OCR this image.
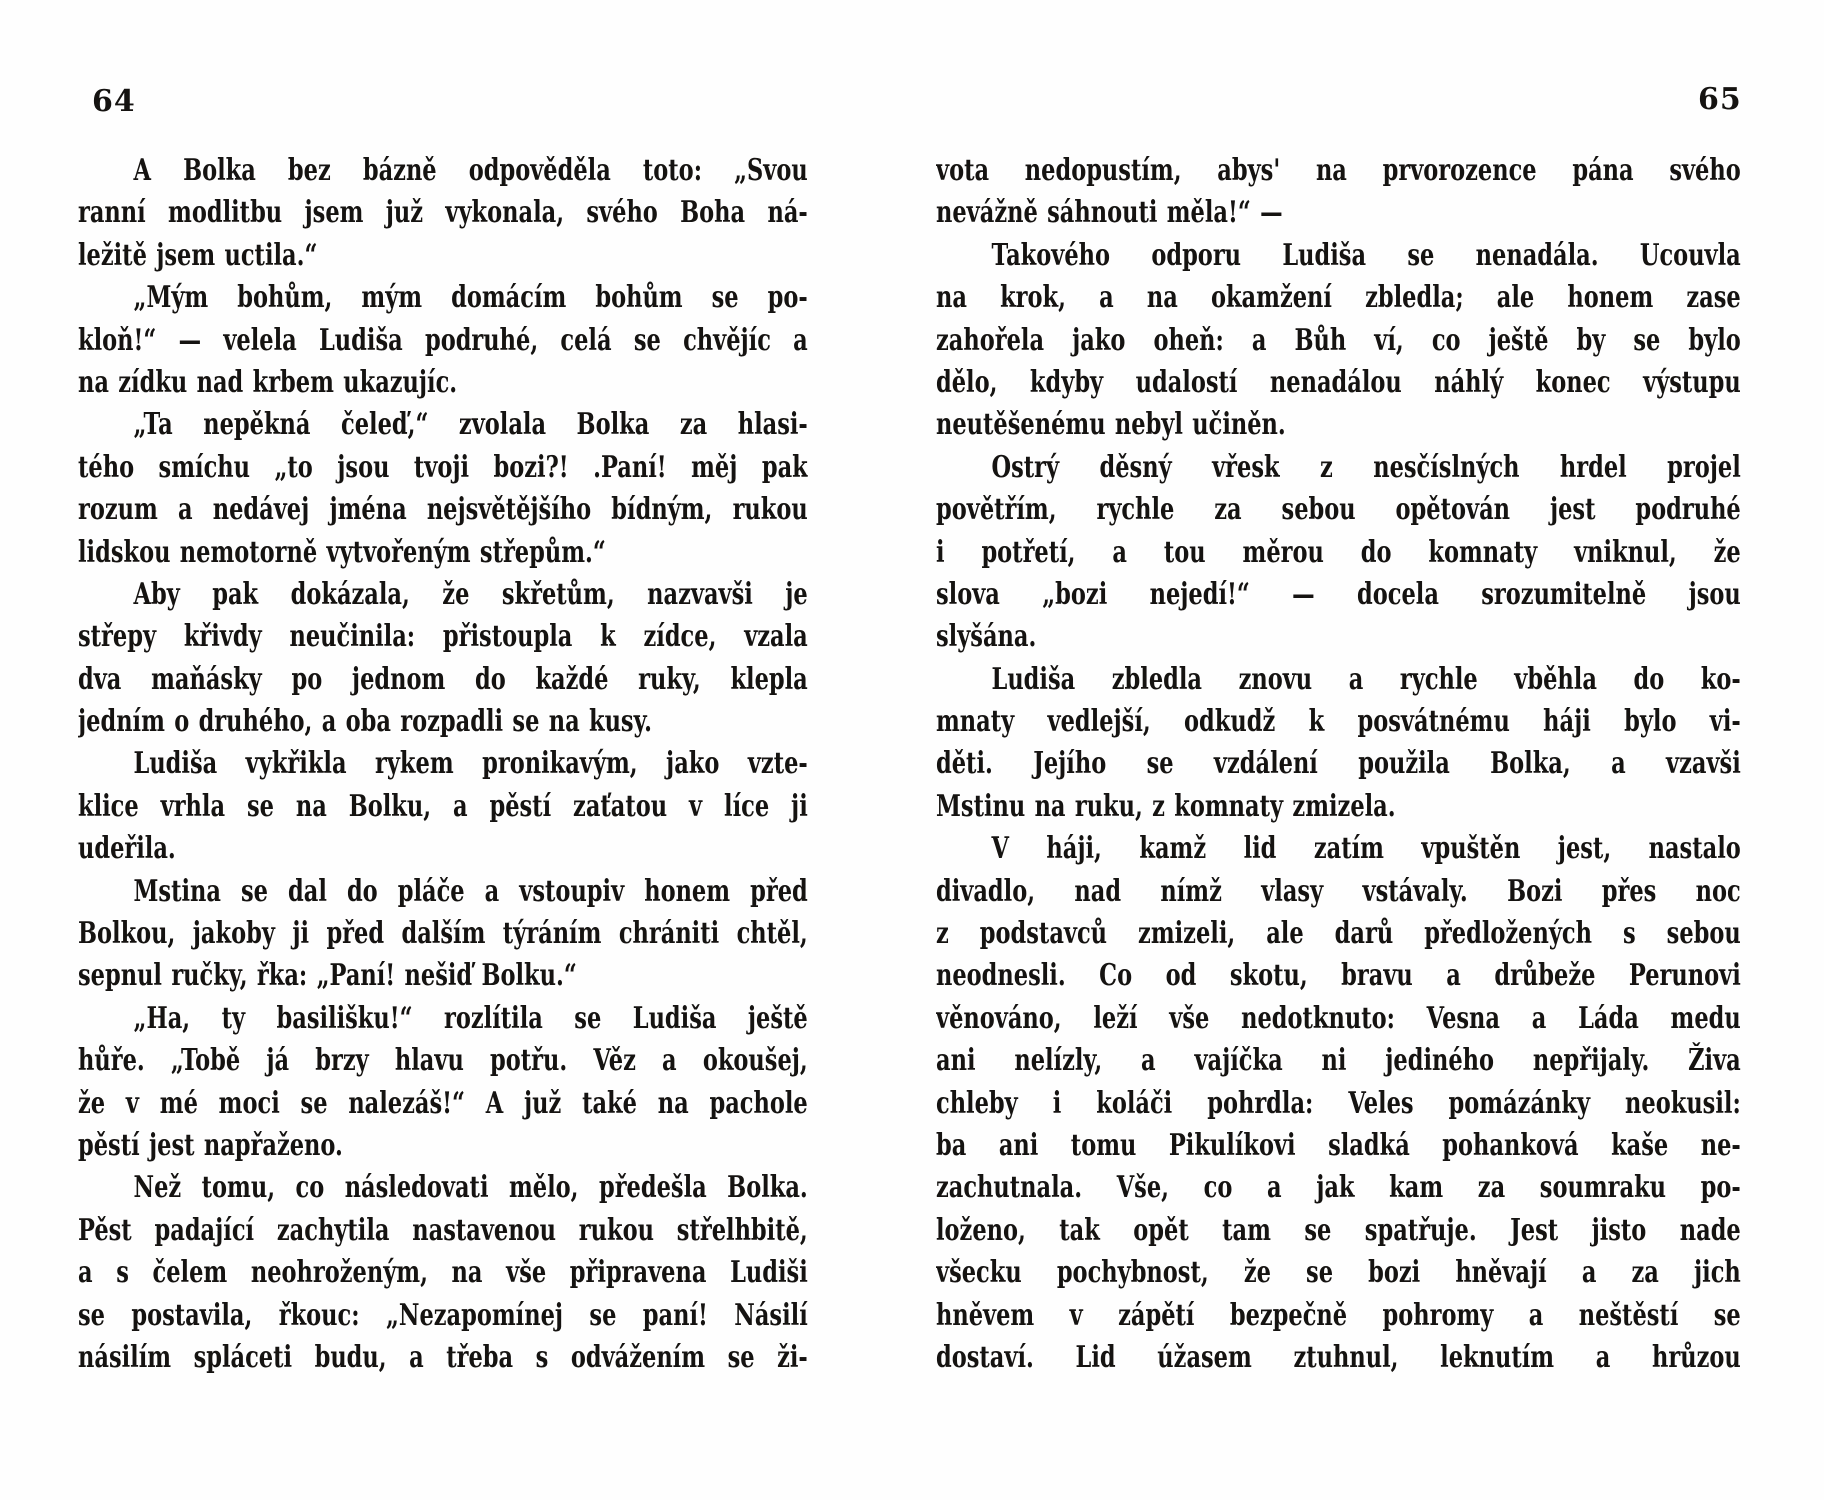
64	65
A Bolka bez bázně odpověděla toto: „Svou
ranní modlitbu jsem juž vykonala, svého Boha ná-
ležitě jsem uctila.“
„Mým bohům, mým domácím bohům se po-
kloň!“ — velela Ludiša podruhé, celá se chvějíc a
na zídku nad krbem ukazujíc.
„Ta nepěkná čeleď,“ zvolala Bolka za hlasi-
tého smíchu „to jsou tvoji bozi?! .Paní! měj pak
rozum a nedávej jména nejsvětějšího bídným, rukou
lidskou nemotorně vytvořeným střepům.“
Aby pak dokázala, že skřetům, nazvavši je
střepy křivdy neučinila: přistoupla k zídce, vzala
dva maňásky po jednom do každé ruky, klepla
jedním o druhého, a oba rozpadli se na kusy.
Ludiša vykřikla rykem pronikavým, jako vzte-
klice vrhla se na Bolku, a pěstí zaťatou v líce ji
udeřila.
Mstina se dal do pláče a vstoupiv honem před
Bolkou, jakoby ji před dalším týráním chrániti chtěl,
sepnul ručky, řka: „Paní! nešiď Bolku.“
„Ha, ty basilišku!“ rozlítila se Ludiša ještě
hůře. „Tobě já brzy hlavu potřu. Věz a okoušej,
že v mé moci se nalezáš!“ A juž také na pachole
pěstí jest napřaženo.
Než tomu, co následovati mělo, předešla Bolka.
Pěst padající zachytila nastavenou rukou střelhbitě,
a s čelem neohroženým, na vše připravena Ludiši
se postavila, řkouc: „Nezapomínej se paní! Násilí
násilím spláceti budu, a třeba s odvážením se ži-
vota nedopustím, abys' na prvorozence pána svého
nevážně sáhnouti měla!“ —
Takového odporu Ludiša se nenadála. Ucouvla
na krok, a na okamžení zbledla; ale honem zase
zahořela jako oheň: a Bůh ví, co ještě by se bylo
dělo, kdyby udalostí nenadálou náhlý konec výstupu
neutěšenému nebyl učiněn.
Ostrý děsný vřesk z nesčíslných hrdel projel
povětřím, rychle za sebou opětován jest podruhé
i potřetí, a tou měrou do komnaty vniknul, že
slova „bozi nejedí!“ — docela srozumitelně jsou
slyšána.
Ludiša zbledla znovu a rychle vběhla do ko-
mnaty vedlejší, odkudž k posvátnému háji bylo vi-
děti. Jejího se vzdálení použila Bolka, a vzavši
Mstinu na ruku, z komnaty zmizela.
V háji, kamž lid zatím vpuštěn jest, nastalo
divadlo, nad nímž vlasy vstávaly. Bozi přes noc
z podstavců zmizeli, ale darů předložených s sebou
neodnesli. Co od skotu, bravu a drůbeže Perunovi
věnováno, leží vše nedotknuto: Vesna a Láda medu
ani nelízly, a vajíčka ni jediného nepřijaly. Živa
chleby i koláči pohrdla: Veles pomázánky neokusil:
ba ani tomu Pikulíkovi sladká pohanková kaše ne-
zachutnala. Vše, co a jak kam za soumraku po-
loženo, tak opět tam se spatřuje. Jest jisto nade
všecku pochybnost, že se bozi hněvají a za jich
hněvem v zápětí bezpečně pohromy a neštěstí se
dostaví. Lid úžasem ztuhnul, leknutím a hrůzou
